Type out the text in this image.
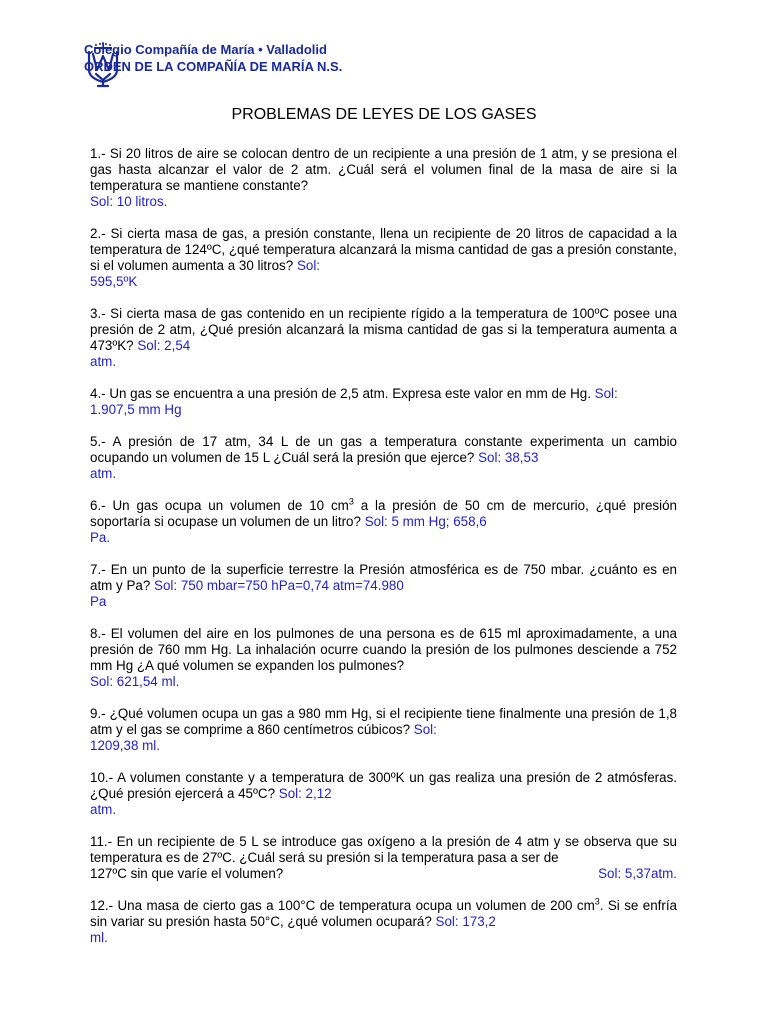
Colegio Compañía de María • Valladolid
ORDEN DE LA COMPAÑÍA DE MARÍA N.S.
PROBLEMAS DE LEYES DE LOS GASES
1.- Si 20 litros de aire se colocan dentro de un recipiente a una presión de 1 atm, y se presiona el gas hasta alcanzar el valor de 2 atm. ¿Cuál será el volumen final de la masa de aire si la temperatura se mantiene constante?
Sol: 10 litros.
2.- Si cierta masa de gas, a presión constante, llena un recipiente de 20 litros de capacidad a la temperatura de 124ºC, ¿qué temperatura alcanzará la misma cantidad de gas a presión constante, si el volumen aumenta a 30 litros? Sol:
595,5ºK
3.- Si cierta masa de gas contenido en un recipiente rígido a la temperatura de 100ºC posee una presión de 2 atm, ¿Qué presión alcanzará la misma cantidad de gas si la temperatura aumenta a 473ºK? Sol: 2,54
atm.
4.- Un gas se encuentra a una presión de 2,5 atm. Expresa este valor en mm de Hg. Sol:
1.907,5 mm Hg
5.- A presión de 17 atm, 34 L de un gas a temperatura constante experimenta un cambio ocupando un volumen de 15 L ¿Cuál será la presión que ejerce? Sol: 38,53
atm.
6.- Un gas ocupa un volumen de 10 $cm^3$ a la presión de 50 cm de mercurio, ¿qué presión soportaría si ocupase un volumen de un litro? Sol: 5 mm Hg; 658,6
Pa.
7.- En un punto de la superficie terrestre la Presión atmosférica es de 750 mbar. ¿cuánto es en atm y Pa? Sol: 750 mbar=750 hPa=0,74 atm=74.980
Pa
8.- El volumen del aire en los pulmones de una persona es de 615 ml aproximadamente, a una presión de 760 mm Hg. La inhalación ocurre cuando la presión de los pulmones desciende a 752 mm Hg ¿A qué volumen se expanden los pulmones?
Sol: 621,54 ml.
9.- ¿Qué volumen ocupa un gas a 980 mm Hg, si el recipiente tiene finalmente una presión de 1,8 atm y el gas se comprime a 860 centímetros cúbicos? Sol:
1209,38 ml.
10.- A volumen constante y a temperatura de 300ºK un gas realiza una presión de 2 atmósferas. ¿Qué presión ejercerá a 45ºC? Sol: 2,12
atm.
11.- En un recipiente de 5 L se introduce gas oxígeno a la presión de 4 atm y se observa que su temperatura es de 27ºC. ¿Cuál será su presión si la temperatura pasa a ser de
127ºC sin que varíe el volumen?	Sol: 5,37atm.
12.- Una masa de cierto gas a 100°C de temperatura ocupa un volumen de 200 $cm^3$. Si se enfría sin variar su presión hasta 50°C, ¿qué volumen ocupará? Sol: 173,2
ml.
